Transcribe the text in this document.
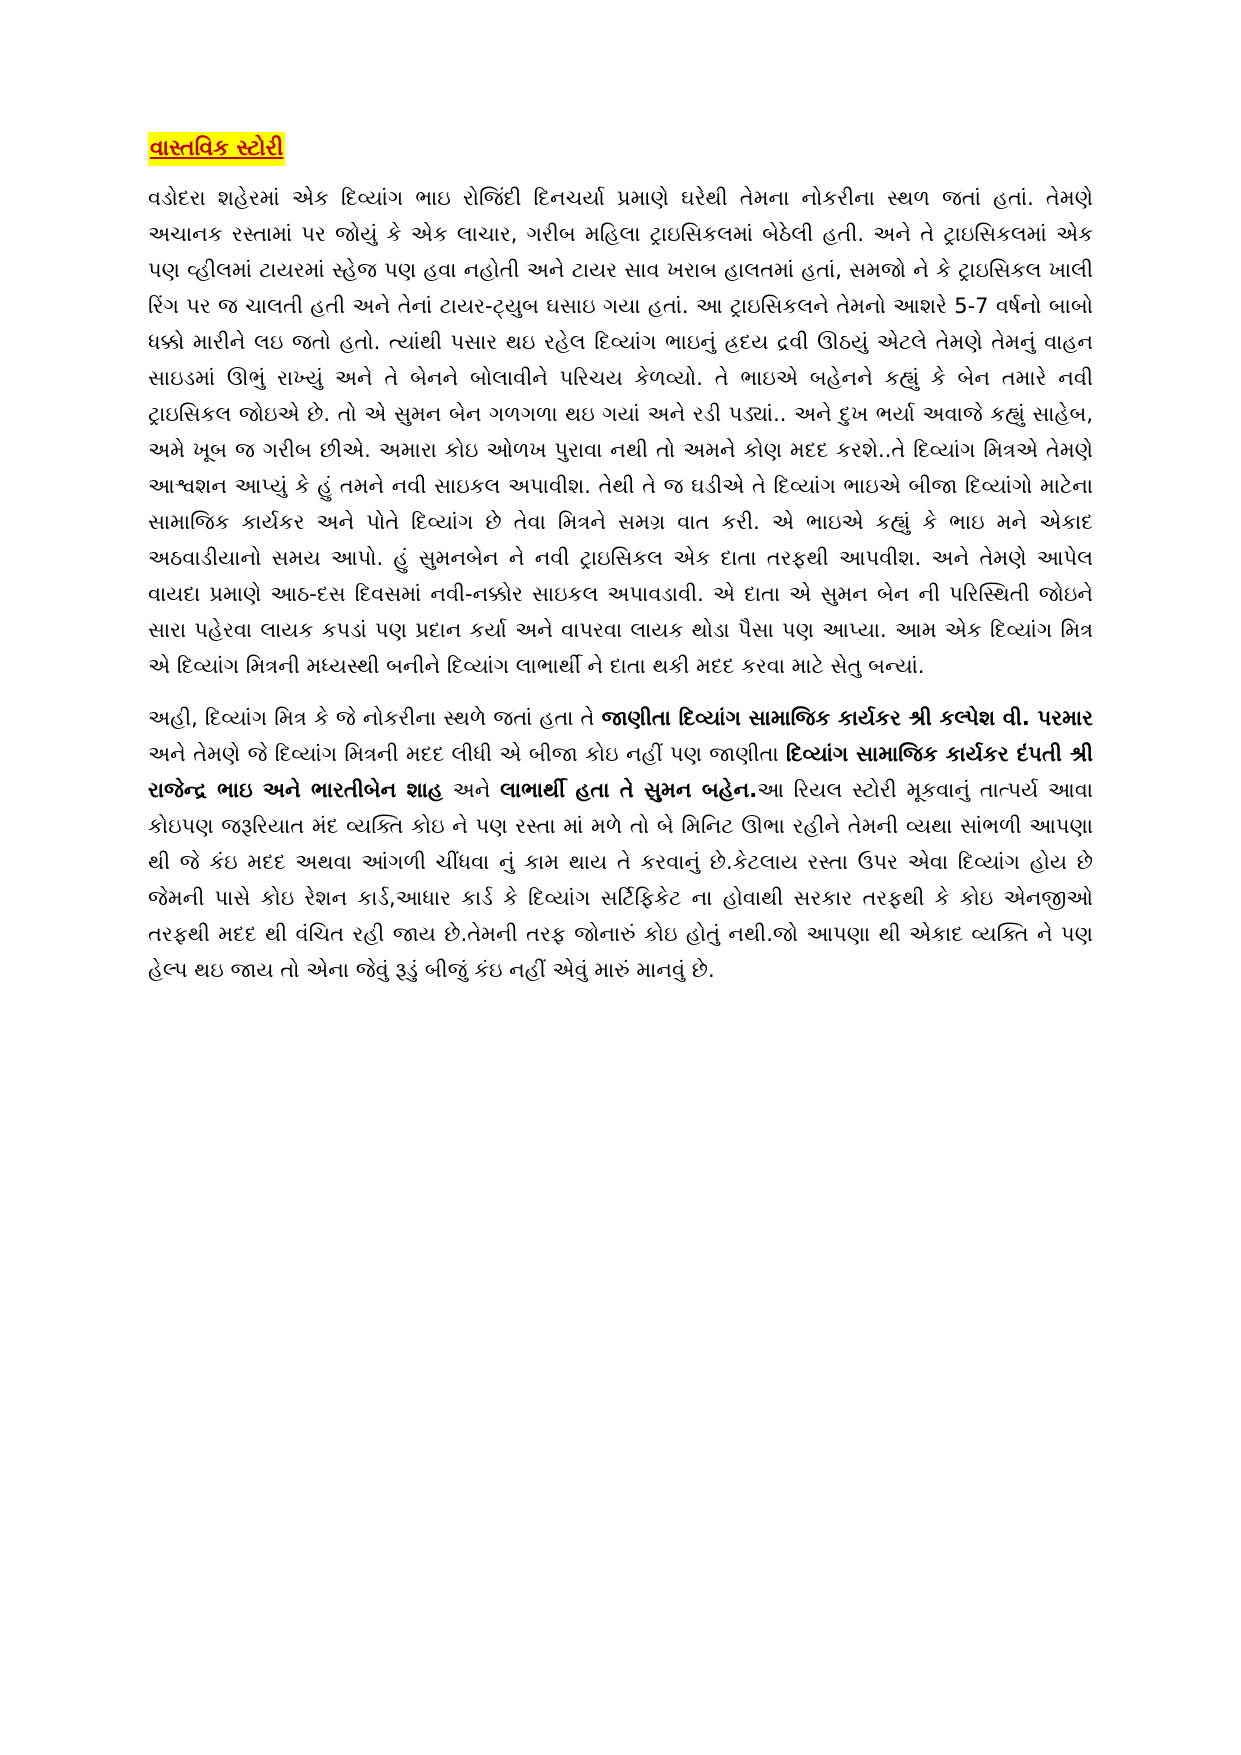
વાસ્તવિક સ્ટોરી

વડોદરા શહેરમાં એક દિવ્યાંગ ભાઇ રોજિંદી દિનચર્યા પ્રમાણે ઘરેથી તેમના નોકરીના સ્થળ જતાં હતાં. તેમણે અચાનક રસ્તામાં પર જોયું કે એક લાચાર, ગરીબ મહિલા ટ્રાઇસિકલમાં બેઠેલી હતી. અને તે ટ્રાઇસિકલમાં એક પણ વ્હીલમાં ટાયરમાં સ્હેજ પણ હવા નહોતી અને ટાયર સાવ ખરાબ હાલતમાં હતાં, સમજો ને કે ટ્રાઇસિકલ ખાલી રિંગ પર જ ચાલતી હતી અને તેનાં ટાયર-ટ્યુબ ઘસાઇ ગયા હતાં. આ ટ્રાઇસિકલને તેમનો આશરે 5-7 વર્ષનો બાબો ધક્કો મારીને લઇ જતો હતો. ત્યાંથી પસાર થઇ રહેલ દિવ્યાંગ ભાઇનું હ્રદય દ્રવી ઊઠયું એટલે તેમણે તેમનું વાહન સાઇડમાં ઊભું રાખ્યું અને તે બેનને બોલાવીને પરિચય કેળવ્યો. તે ભાઇએ બહેનને કહ્યું કે બેન તમારે નવી ટ્રાઇસિકલ જોઇએ છે. તો એ સુમન બેન ગળગળા થઇ ગયાં અને રડી પડ્યાં.. અને દુખ ભર્યા અવાજે કહ્યું સાહેબ, અમે ખૂબ જ ગરીબ છીએ. અમારા કોઇ ઓળખ પુરાવા નથી તો અમને કોણ મદદ કરશે..તે દિવ્યાંગ મિત્રએ તેમણે આશ્વશન આપ્યું કે હું તમને નવી સાઇકલ અપાવીશ. તેથી તે જ ઘડીએ તે દિવ્યાંગ ભાઇએ બીજા દિવ્યાંગો માટેના સામાજિક કાર્યકર અને પોતે દિવ્યાંગ છે તેવા મિત્રને સમગ્ર વાત કરી. એ ભાઇએ કહ્યું કે ભાઇ મને એકાદ અઠવાડીયાનો સમય આપો. હું સુમનબેન ને નવી ટ્રાઇસિકલ એક દાતા તરફથી આપવીશ. અને તેમણે આપેલ વાયદા પ્રમાણે આઠ-દસ દિવસમાં નવી-નક્કોર સાઇકલ અપાવડાવી. એ દાતા એ સુમન બેન ની પરિસ્થિતી જોઇને સારા પહેરવા લાયક કપડાં પણ પ્રદાન કર્યા અને વાપરવા લાયક થોડા પૈસા પણ આપ્યા. આમ એક દિવ્યાંગ મિત્ર એ દિવ્યાંગ મિત્રની મધ્યસ્થી બનીને દિવ્યાંગ લાભાર્થી ને દાતા થકી મદદ કરવા માટે સેતુ બન્યાં.

અહી, દિવ્યાંગ મિત્ર કે જે નોકરીના સ્થળે જતાં હતા તે જાણીતા દિવ્યાંગ સામાજિક કાર્યકર શ્રી કલ્પેશ વી. પરમાર અને તેમણે જે દિવ્યાંગ મિત્રની મદદ લીધી એ બીજા કોઇ નહીં પણ જાણીતા દિવ્યાંગ સામાજિક કાર્યકર દંપતી શ્રી રાજેન્દ્ર ભાઇ અને ભારતીબેન શાહ અને લાભાર્થી હતા તે સુમન બહેન.આ રિયલ સ્ટોરી મૂકવાનું તાત્પર્ય આવા કોઇપણ જરૂરિયાત મંદ વ્યક્તિ કોઇ ને પણ રસ્તા માં મળે તો બે મિનિટ ઊભા રહીને તેમની વ્યથા સાંભળી આપણા થી જે કંઇ મદદ અથવા આંગળી ચીંધવા નું કામ થાય તે કરવાનું છે.કેટલાય રસ્તા ઉપર એવા દિવ્યાંગ હોય છે જેમની પાસે કોઇ રેશન કાર્ડ,આધાર કાર્ડ કે દિવ્યાંગ સર્ટિફિકેટ ના હોવાથી સરકાર તરફથી કે કોઇ એનજીઓ તરફથી મદદ થી વંચિત રહી જાય છે.તેમની તરફ જોનારું કોઇ હોતું નથી.જો આપણા થી એકાદ વ્યક્તિ ને પણ હેલ્પ થઇ જાય તો એના જેવું રૂડું બીજું કંઇ નહીં એવું મારું માનવું છે.
